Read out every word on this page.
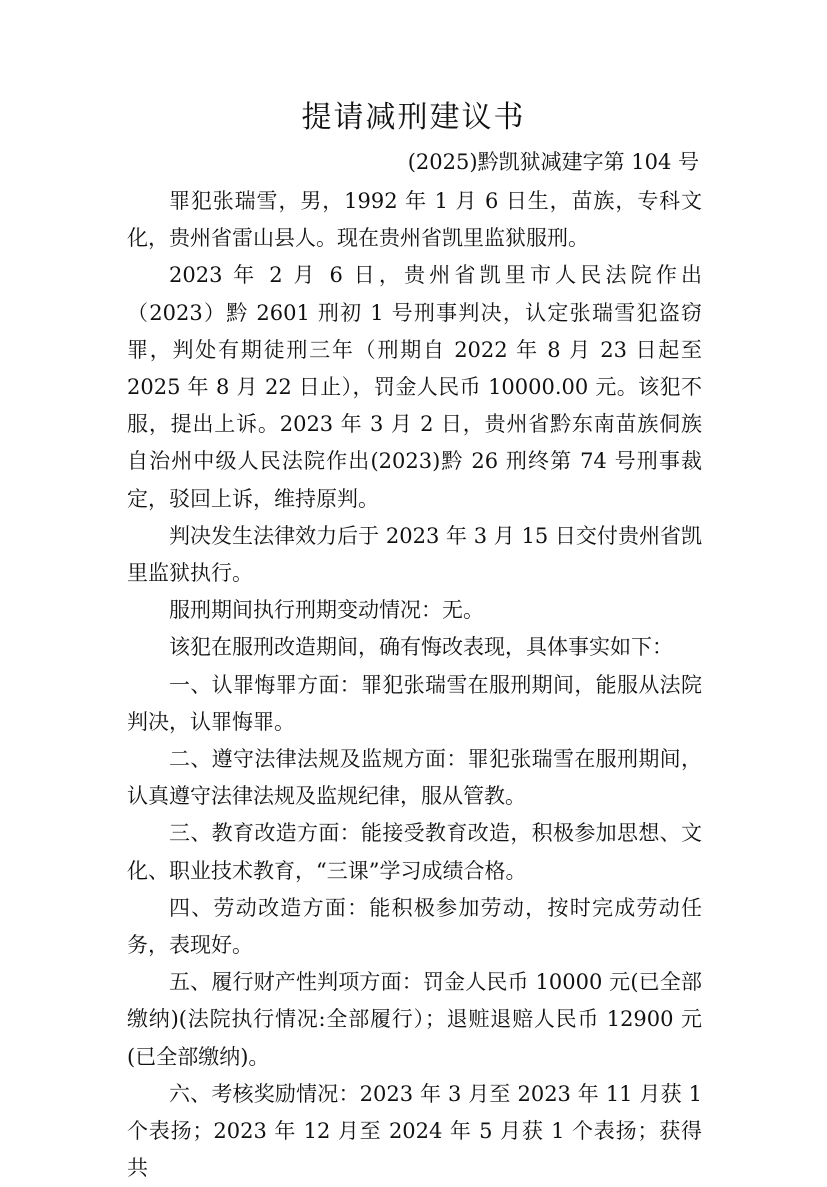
提请减刑建议书
(2025)黔凯狱减建字第 104 号

罪犯张瑞雪，男，1992 年 1 月 6 日生，苗族，专科文化，贵州省雷山县人。现在贵州省凯里监狱服刑。

2023 年 2 月 6 日，贵州省凯里市人民法院作出（2023）黔 2601 刑初 1 号刑事判决，认定张瑞雪犯盗窃罪，判处有期徒刑三年（刑期自 2022 年 8 月 23 日起至 2025 年 8 月 22 日止），罚金人民币 10000.00 元。该犯不服，提出上诉。2023 年 3 月 2 日，贵州省黔东南苗族侗族自治州中级人民法院作出(2023)黔 26 刑终第 74 号刑事裁定，驳回上诉，维持原判。

判决发生法律效力后于 2023 年 3 月 15 日交付贵州省凯里监狱执行。

服刑期间执行刑期变动情况：无。

该犯在服刑改造期间，确有悔改表现，具体事实如下：

一、认罪悔罪方面：罪犯张瑞雪在服刑期间，能服从法院判决，认罪悔罪。

二、遵守法律法规及监规方面：罪犯张瑞雪在服刑期间，认真遵守法律法规及监规纪律，服从管教。

三、教育改造方面：能接受教育改造，积极参加思想、文化、职业技术教育，“三课”学习成绩合格。

四、劳动改造方面：能积极参加劳动，按时完成劳动任务，表现好。

五、履行财产性判项方面：罚金人民币 10000 元(已全部缴纳)(法院执行情况:全部履行）；退赃退赔人民币 12900 元(已全部缴纳)。

六、考核奖励情况：2023 年 3 月至 2023 年 11 月获 1 个表扬；2023 年 12 月至 2024 年 5 月获 1 个表扬；获得共
